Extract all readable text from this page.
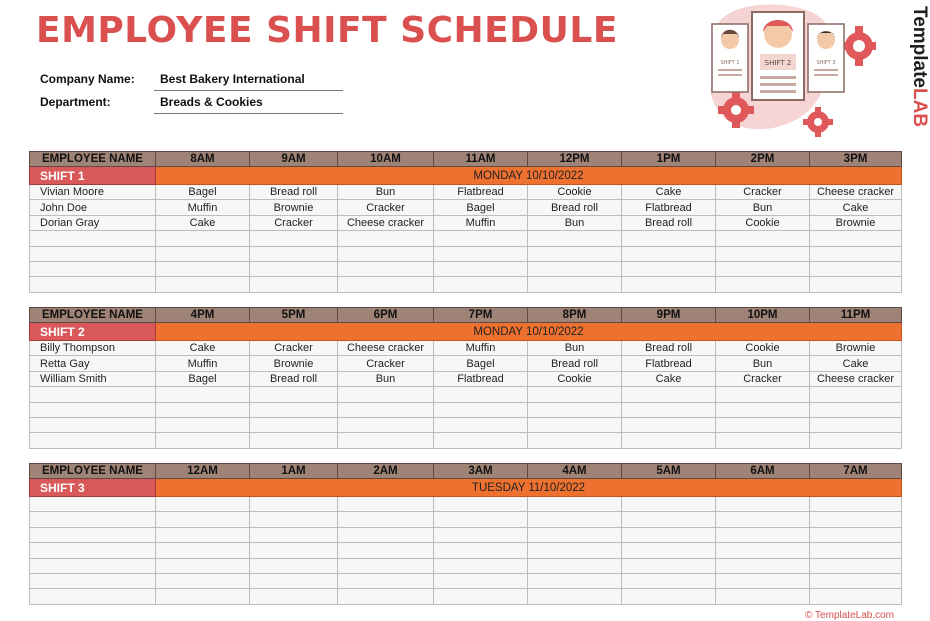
EMPLOYEE SHIFT SCHEDULE
Company Name:	Best Bakery International
Department:	Breads & Cookies
SHIFT 1	SHIFT 3
SHIFT 2	TemplateLAB
EMPLOYEE NAME	8AM	9AM	10AM	11AM	12PM	1PM	2PM	3PM
SHIFT 1	MONDAY 10/10/2022							
Vivian Moore	Bagel	Bread roll	Bun	Flatbread	Cookie	Cake	Cracker	Cheese cracker
John Doe	Muffin	Brownie	Cracker	Bagel	Bread roll	Flatbread	Bun	Cake
Dorian Gray	Cake	Cracker	Cheese cracker	Muffin	Bun	Bread roll	Cookie	Brownie

EMPLOYEE NAME	4PM	5PM	6PM	7PM	8PM	9PM	10PM	11PM
SHIFT 2	MONDAY 10/10/2022							
Billy Thompson	Cake	Cracker	Cheese cracker	Muffin	Bun	Bread roll	Cookie	Brownie
Retta Gay	Muffin	Brownie	Cracker	Bagel	Bread roll	Flatbread	Bun	Cake
William Smith	Bagel	Bread roll	Bun	Flatbread	Cookie	Cake	Cracker	Cheese cracker

EMPLOYEE NAME	12AM	1AM	2AM	3AM	4AM	5AM	6AM	7AM
SHIFT 3	TUESDAY 11/10/2022							

© TemplateLab.com
